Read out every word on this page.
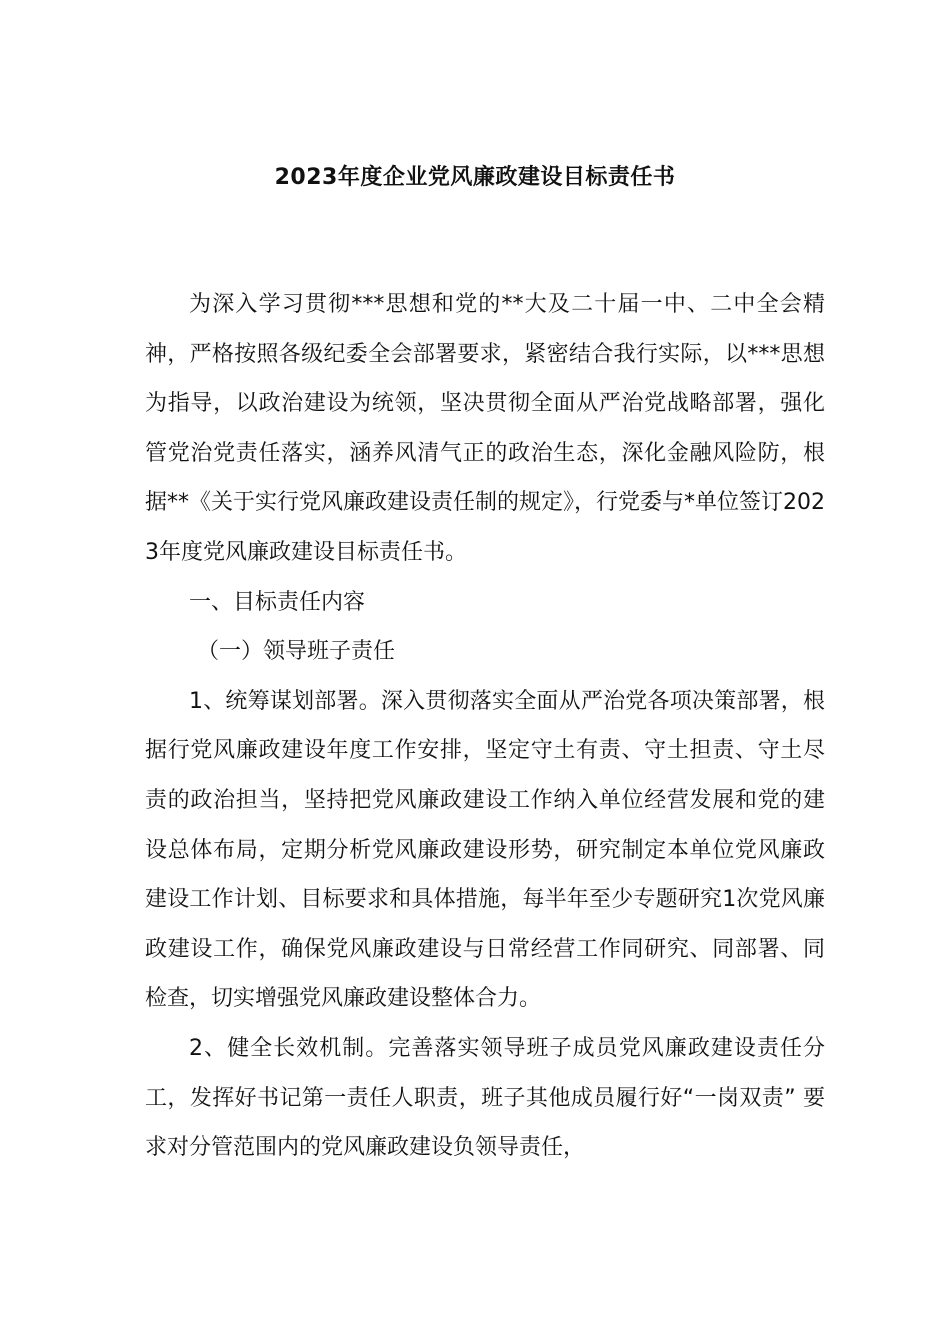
2023年度企业党风廉政建设目标责任书

为深入学习贯彻***思想和党的**大及二十届一中、二中全会精神，严格按照各级纪委全会部署要求，紧密结合我行实际，以***思想为指导，以政治建设为统领，坚决贯彻全面从严治党战略部署，强化管党治党责任落实，涵养风清气正的政治生态，深化金融风险防，根据**《关于实行党风廉政建设责任制的规定》，行党委与*单位签订2023年度党风廉政建设目标责任书。

一、目标责任内容

（一）领导班子责任

1、统筹谋划部署。深入贯彻落实全面从严治党各项决策部署，根据行党风廉政建设年度工作安排，坚定守土有责、守土担责、守土尽责的政治担当，坚持把党风廉政建设工作纳入单位经营发展和党的建设总体布局，定期分析党风廉政建设形势，研究制定本单位党风廉政建设工作计划、目标要求和具体措施，每半年至少专题研究1次党风廉政建设工作，确保党风廉政建设与日常经营工作同研究、同部署、同检查，切实增强党风廉政建设整体合力。

2、健全长效机制。完善落实领导班子成员党风廉政建设责任分工，发挥好书记第一责任人职责，班子其他成员履行好“一岗双责” 要求对分管范围内的党风廉政建设负领导责任，
